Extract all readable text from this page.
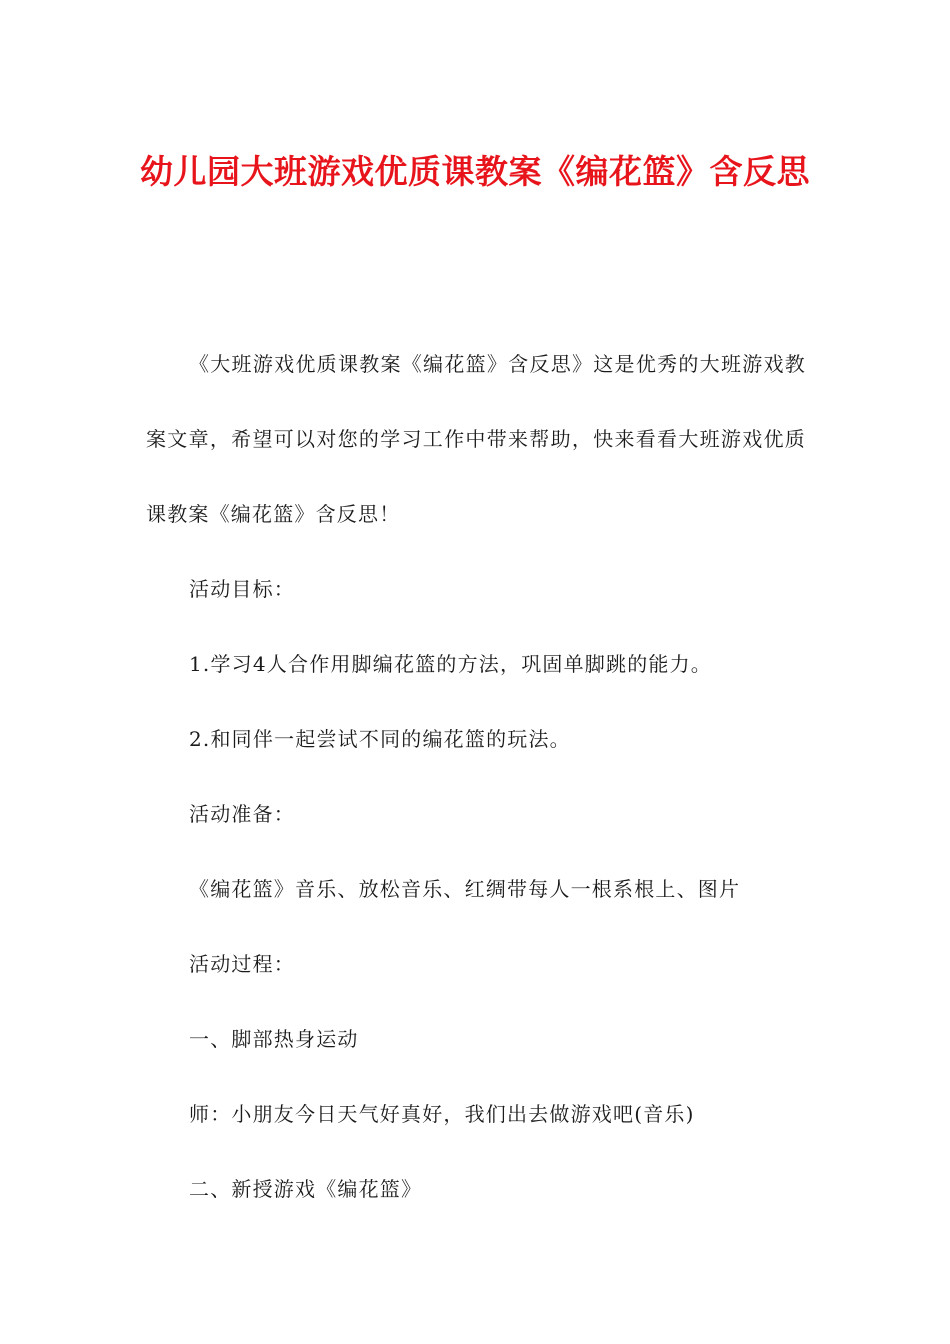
幼儿园大班游戏优质课教案《编花篮》含反思

《大班游戏优质课教案《编花篮》含反思》这是优秀的大班游戏教案文章，希望可以对您的学习工作中带来帮助，快来看看大班游戏优质课教案《编花篮》含反思！

活动目标：

1.学习4人合作用脚编花篮的方法，巩固单脚跳的能力。

2.和同伴一起尝试不同的编花篮的玩法。

活动准备：

《编花篮》音乐、放松音乐、红绸带每人一根系根上、图片

活动过程：

一、脚部热身运动

师：小朋友今日天气好真好，我们出去做游戏吧(音乐)

二、新授游戏《编花篮》
